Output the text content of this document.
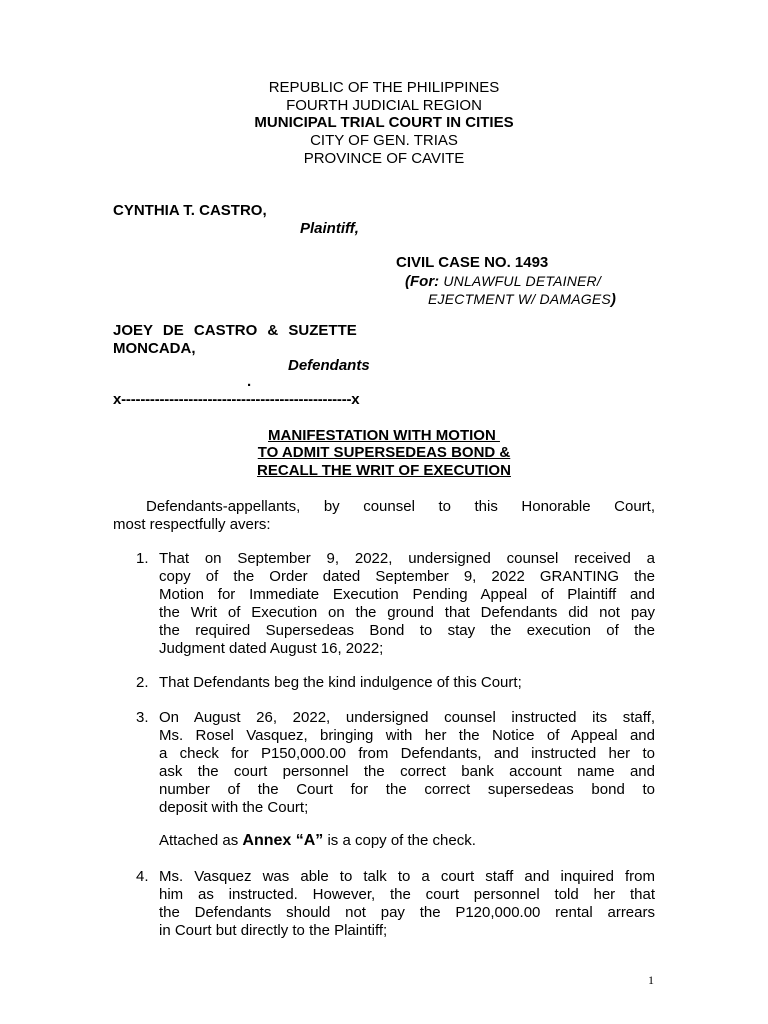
REPUBLIC OF THE PHILIPPINES
FOURTH JUDICIAL REGION
MUNICIPAL TRIAL COURT IN CITIES
CITY OF GEN. TRIAS
PROVINCE OF CAVITE
CYNTHIA T. CASTRO,
Plaintiff,
CIVIL CASE NO. 1493
(For: UNLAWFUL DETAINER/
EJECTMENT W/ DAMAGES)
JOEY DE CASTRO & SUZETTE
MONCADA,
Defendants
.
x------------------------------------------------x
MANIFESTATION WITH MOTION
TO ADMIT SUPERSEDEAS BOND &
RECALL THE WRIT OF EXECUTION
Defendants-appellants, by counsel to this Honorable Court,
most respectfully avers:
1. That on September 9, 2022, undersigned counsel received a
copy of the Order dated September 9, 2022 GRANTING the
Motion for Immediate Execution Pending Appeal of Plaintiff and
the Writ of Execution on the ground that Defendants did not pay
the required Supersedeas Bond to stay the execution of the
Judgment dated August 16, 2022;
2. That Defendants beg the kind indulgence of this Court;
3. On August 26, 2022, undersigned counsel instructed its staff,
Ms. Rosel Vasquez, bringing with her the Notice of Appeal and
a check for P150,000.00 from Defendants, and instructed her to
ask the court personnel the correct bank account name and
number of the Court for the correct supersedeas bond to
deposit with the Court;
Attached as Annex “A” is a copy of the check.
4. Ms. Vasquez was able to talk to a court staff and inquired from
him as instructed. However, the court personnel told her that
the Defendants should not pay the P120,000.00 rental arrears
in Court but directly to the Plaintiff;
1
